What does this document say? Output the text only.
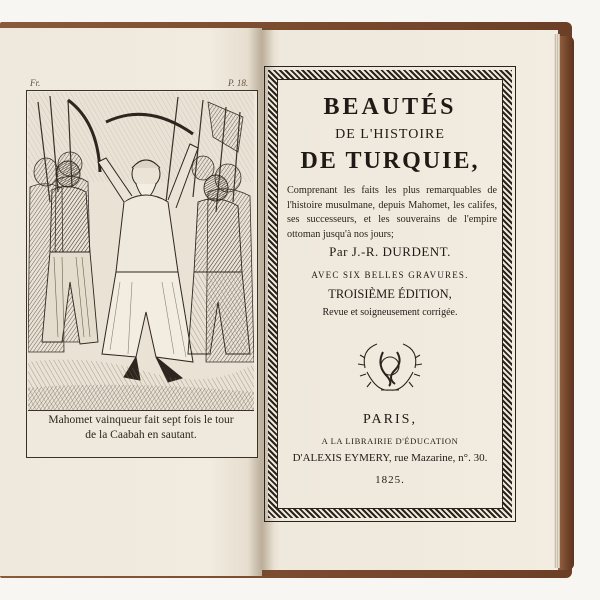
Fr.	P. 18.
Mahomet vainqueur fait sept fois le tour
de la Caabah en sautant.
BEAUTÉS
DE L'HISTOIRE
DE TURQUIE,
Comprenant les faits les plus remarquables de l'histoire musulmane, depuis Mahomet, les califes, ses successeurs, et les souverains de l'empire ottoman jusqu'à nos jours;
Par J.-R. DURDENT.
AVEC SIX BELLES GRAVURES.
TROISIÈME ÉDITION,
Revue et soigneusement corrigée.
PARIS,
A LA LIBRAIRIE D'ÉDUCATION
D'ALEXIS EYMERY, rue Mazarine, n°. 30.
1825.
